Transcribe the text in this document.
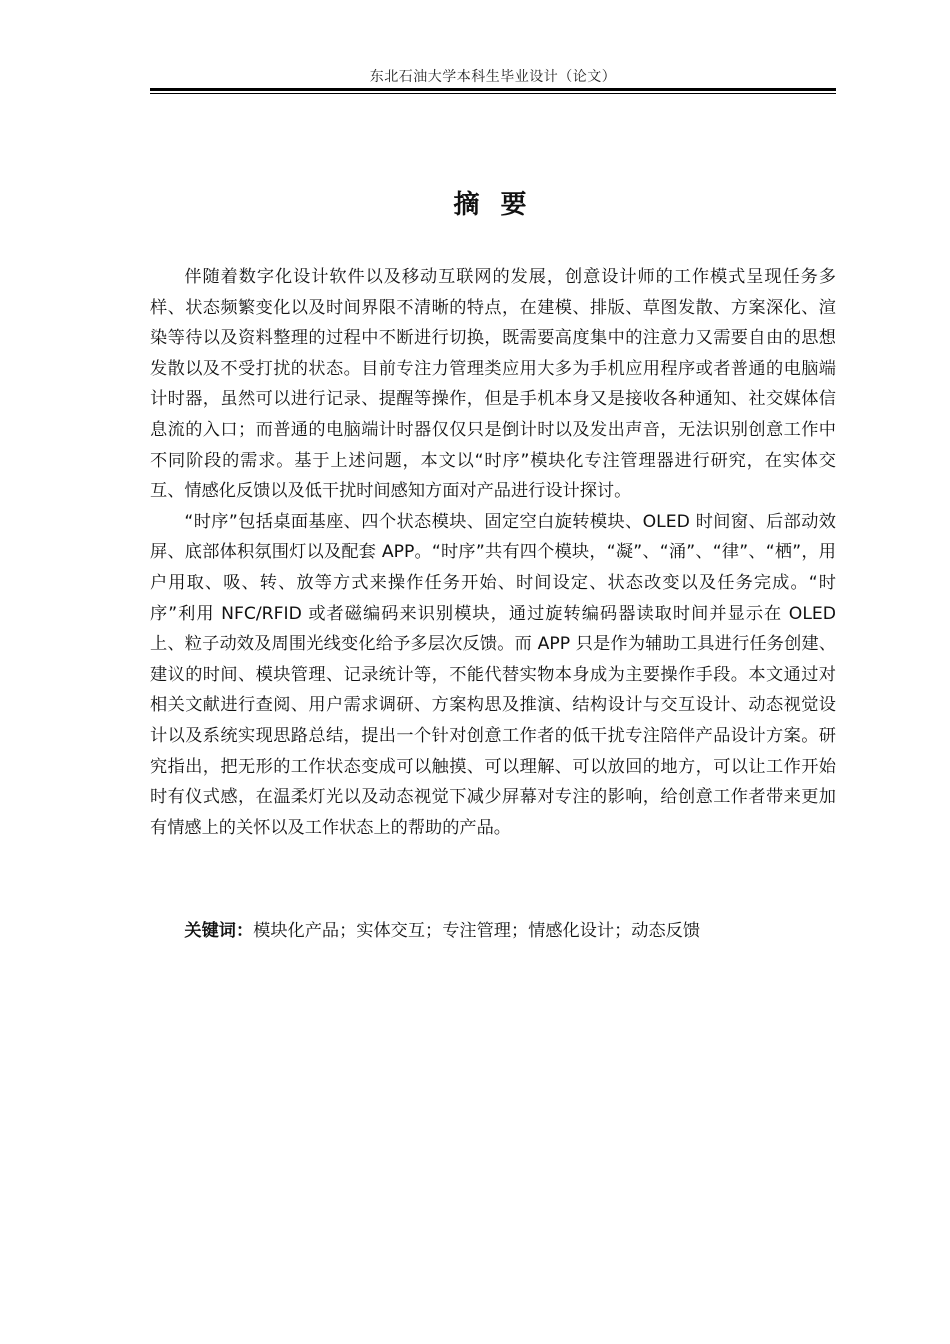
东北石油大学本科生毕业设计（论文）
摘 要

伴随着数字化设计软件以及移动互联网的发展，创意设计师的工作模式呈现任务多样、状态频繁变化以及时间界限不清晰的特点，在建模、排版、草图发散、方案深化、渲染等待以及资料整理的过程中不断进行切换，既需要高度集中的注意力又需要自由的思想发散以及不受打扰的状态。目前专注力管理类应用大多为手机应用程序或者普通的电脑端计时器，虽然可以进行记录、提醒等操作，但是手机本身又是接收各种通知、社交媒体信息流的入口；而普通的电脑端计时器仅仅只是倒计时以及发出声音，无法识别创意工作中不同阶段的需求。基于上述问题，本文以“时序”模块化专注管理器进行研究，在实体交互、情感化反馈以及低干扰时间感知方面对产品进行设计探讨。

“时序”包括桌面基座、四个状态模块、固定空白旋转模块、OLED 时间窗、后部动效屏、底部体积氛围灯以及配套 APP。“时序”共有四个模块，“凝”、“涌”、“律”、“栖”，用户用取、吸、转、放等方式来操作任务开始、时间设定、状态改变以及任务完成。“时序”利用 NFC/RFID 或者磁编码来识别模块，通过旋转编码器读取时间并显示在 OLED 上、粒子动效及周围光线变化给予多层次反馈。而 APP 只是作为辅助工具进行任务创建、建议的时间、模块管理、记录统计等，不能代替实物本身成为主要操作手段。本文通过对相关文献进行查阅、用户需求调研、方案构思及推演、结构设计与交互设计、动态视觉设计以及系统实现思路总结，提出一个针对创意工作者的低干扰专注陪伴产品设计方案。研究指出，把无形的工作状态变成可以触摸、可以理解、可以放回的地方，可以让工作开始时有仪式感，在温柔灯光以及动态视觉下减少屏幕对专注的影响，给创意工作者带来更加有情感上的关怀以及工作状态上的帮助的产品。

关键词：模块化产品；实体交互；专注管理；情感化设计；动态反馈
